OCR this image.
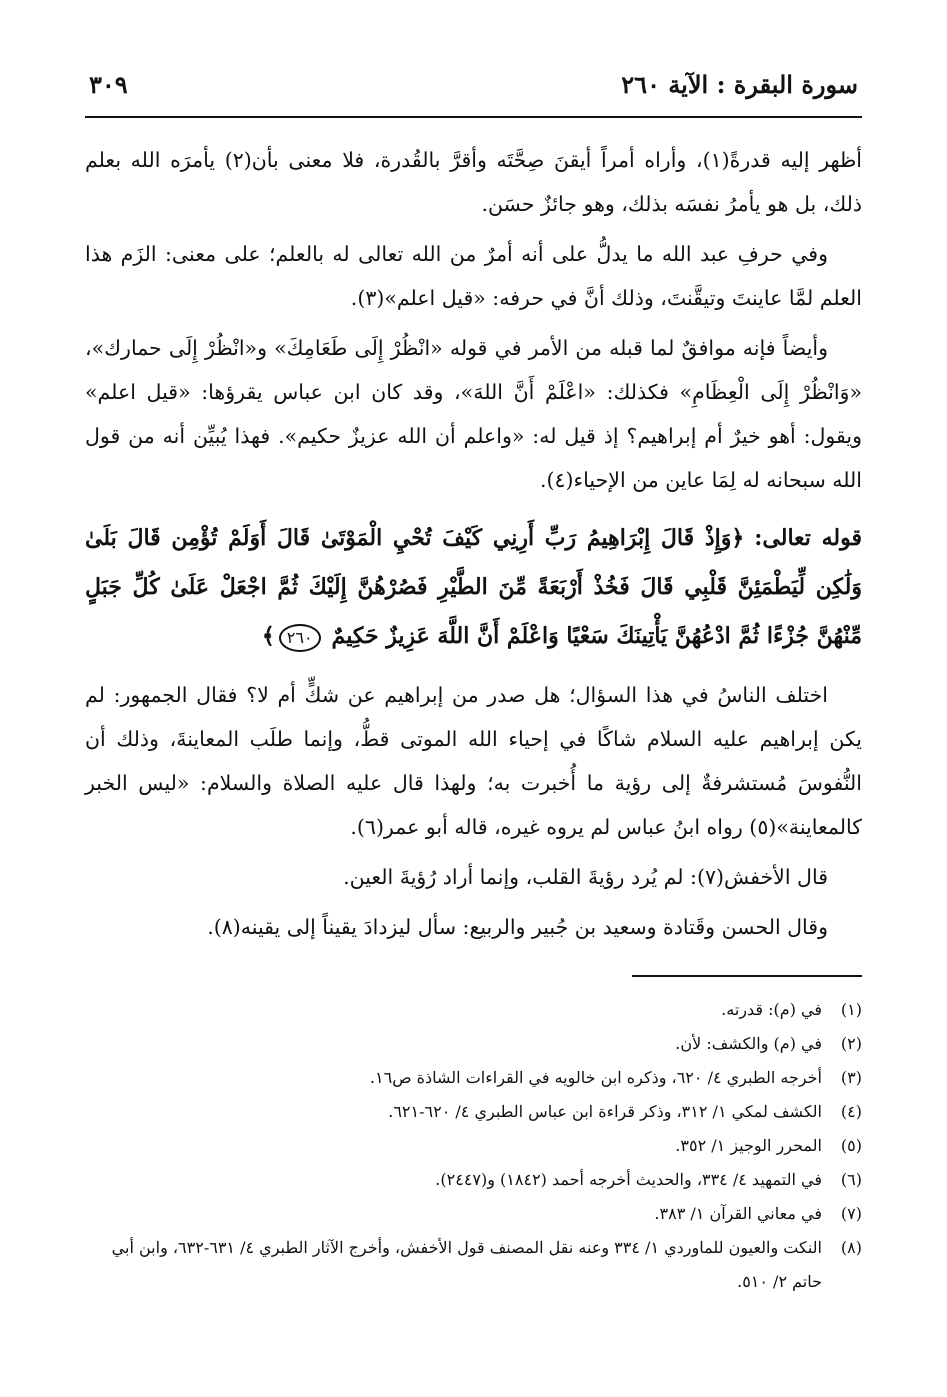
سورة البقرة : الآية ٢٦٠
٣٠٩

أظهر إليه قدرةً(١)، وأراه أمراً أيقنَ صِحَّتَه وأقرَّ بالقُدرة، فلا معنى بأن(٢) يأمرَه الله بعلم ذلك، بل هو يأمرُ نفسَه بذلك، وهو جائزٌ حسَن.

وفي حرفِ عبد الله ما يدلُّ على أنه أمرٌ من الله تعالى له بالعلم؛ على معنى: الزَم هذا العلم لمَّا عاينتَ وتيقَّنتَ، وذلك أنَّ في حرفه: «قيل اعلم»(٣).

وأيضاً فإنه موافقٌ لما قبله من الأمر في قوله «انْظُرْ إِلَى طَعَامِكَ» و«انْظُرْ إِلَى حمارك»، «وَانْظُرْ إِلَى الْعِظَامِ» فكذلك: «اعْلَمْ أَنَّ اللهَ»، وقد كان ابن عباس يقرؤها: «قيل اعلم» ويقول: أهو خيرٌ أم إبراهيم؟ إذ قيل له: «واعلم أن الله عزيزٌ حكيم». فهذا يُبيِّن أنه من قول الله سبحانه له لِمَا عاين من الإحياء(٤).

قوله تعالى: ﴿وَإِذْ قَالَ إِبْرَاهِيمُ رَبِّ أَرِنِي كَيْفَ تُحْيِ الْمَوْتَىٰ قَالَ أَوَلَمْ تُؤْمِن قَالَ بَلَىٰ وَلَٰكِن لِّيَطْمَئِنَّ قَلْبِي قَالَ فَخُذْ أَرْبَعَةً مِّنَ الطَّيْرِ فَصُرْهُنَّ إِلَيْكَ ثُمَّ اجْعَلْ عَلَىٰ كُلِّ جَبَلٍ مِّنْهُنَّ جُزْءًا ثُمَّ ادْعُهُنَّ يَأْتِينَكَ سَعْيًا وَاعْلَمْ أَنَّ اللَّهَ عَزِيزٌ حَكِيمٌ ٢٦٠﴾

اختلف الناسُ في هذا السؤال؛ هل صدر من إبراهيم عن شكٍّ أم لا؟ فقال الجمهور: لم يكن إبراهيم عليه السلام شاكًا في إحياء الله الموتى قطُّ، وإنما طلَب المعاينةَ، وذلك أن النُّفوسَ مُستشرفةٌ إلى رؤية ما أُخبرت به؛ ولهذا قال عليه الصلاة والسلام: «ليس الخبر كالمعاينة»(٥) رواه ابنُ عباس لم يروه غيره، قاله أبو عمر(٦).

قال الأخفش(٧): لم يُرد رؤيةَ القلب، وإنما أراد رُؤيةَ العين.

وقال الحسن وقَتادة وسعيد بن جُبير والربيع: سأل ليزدادَ يقيناً إلى يقينه(٨).

(١)
في (م): قدرته.
(٢)
في (م) والكشف: لأن.
(٣)
أخرجه الطبري ٤/ ٦٢٠، وذكره ابن خالويه في القراءات الشاذة ص١٦.
(٤)
الكشف لمكي ١/ ٣١٢، وذكر قراءة ابن عباس الطبري ٤/ ٦٢٠-٦٢١.
(٥)
المحرر الوجيز ١/ ٣٥٢.
(٦)
في التمهيد ٤/ ٣٣٤، والحديث أخرجه أحمد (١٨٤٢) و(٢٤٤٧).
(٧)
في معاني القرآن ١/ ٣٨٣.
(٨)
النكت والعيون للماوردي ١/ ٣٣٤ وعنه نقل المصنف قول الأخفش، وأخرج الآثار الطبري ٤/ ٦٣١-٦٣٢، وابن أبي حاتم ٢/ ٥١٠.
